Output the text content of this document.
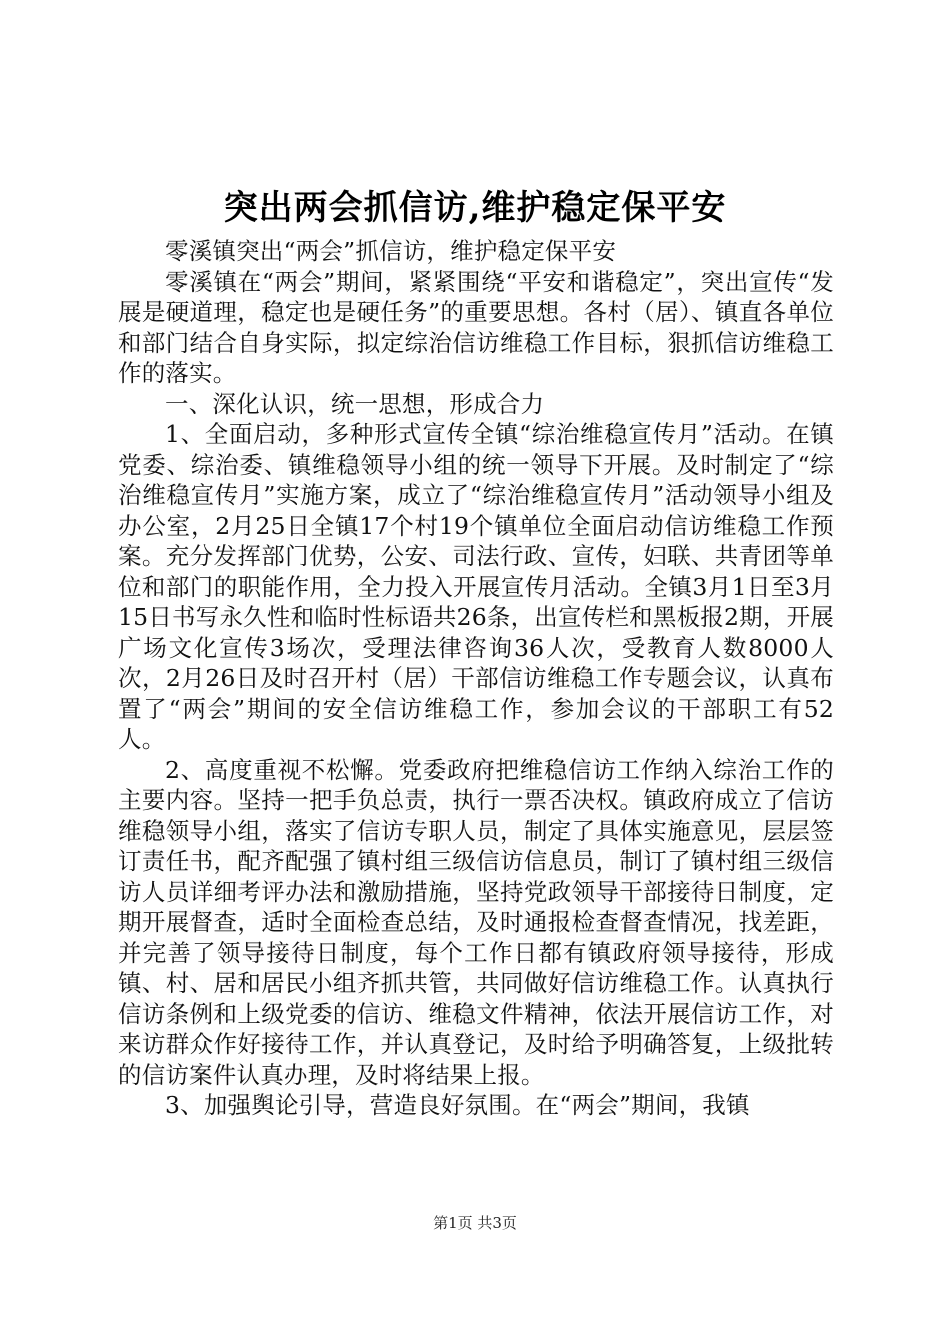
突出两会抓信访,维护稳定保平安

零溪镇突出“两会”抓信访，维护稳定保平安

零溪镇在“两会”期间，紧紧围绕“平安和谐稳定”，突出宣传“发展是硬道理，稳定也是硬任务”的重要思想。各村（居）、镇直各单位和部门结合自身实际，拟定综治信访维稳工作目标，狠抓信访维稳工作的落实。

一、深化认识，统一思想，形成合力

1、全面启动，多种形式宣传全镇“综治维稳宣传月”活动。在镇党委、综治委、镇维稳领导小组的统一领导下开展。及时制定了“综治维稳宣传月”实施方案，成立了“综治维稳宣传月”活动领导小组及办公室，2月25日全镇17个村19个镇单位全面启动信访维稳工作预案。充分发挥部门优势，公安、司法行政、宣传，妇联、共青团等单位和部门的职能作用，全力投入开展宣传月活动。全镇3月1日至3月15日书写永久性和临时性标语共26条，出宣传栏和黑板报2期，开展广场文化宣传3场次，受理法律咨询36人次，受教育人数8000人次，2月26日及时召开村（居）干部信访维稳工作专题会议，认真布置了“两会”期间的安全信访维稳工作，参加会议的干部职工有52人。

2、高度重视不松懈。党委政府把维稳信访工作纳入综治工作的主要内容。坚持一把手负总责，执行一票否决权。镇政府成立了信访维稳领导小组，落实了信访专职人员，制定了具体实施意见，层层签订责任书，配齐配强了镇村组三级信访信息员，制订了镇村组三级信访人员详细考评办法和激励措施，坚持党政领导干部接待日制度，定期开展督查，适时全面检查总结，及时通报检查督查情况，找差距，并完善了领导接待日制度，每个工作日都有镇政府领导接待，形成镇、村、居和居民小组齐抓共管，共同做好信访维稳工作。认真执行信访条例和上级党委的信访、维稳文件精神，依法开展信访工作，对来访群众作好接待工作，并认真登记，及时给予明确答复，上级批转的信访案件认真办理，及时将结果上报。

3、加强舆论引导，营造良好氛围。在“两会”期间，我镇

第1页 共3页
